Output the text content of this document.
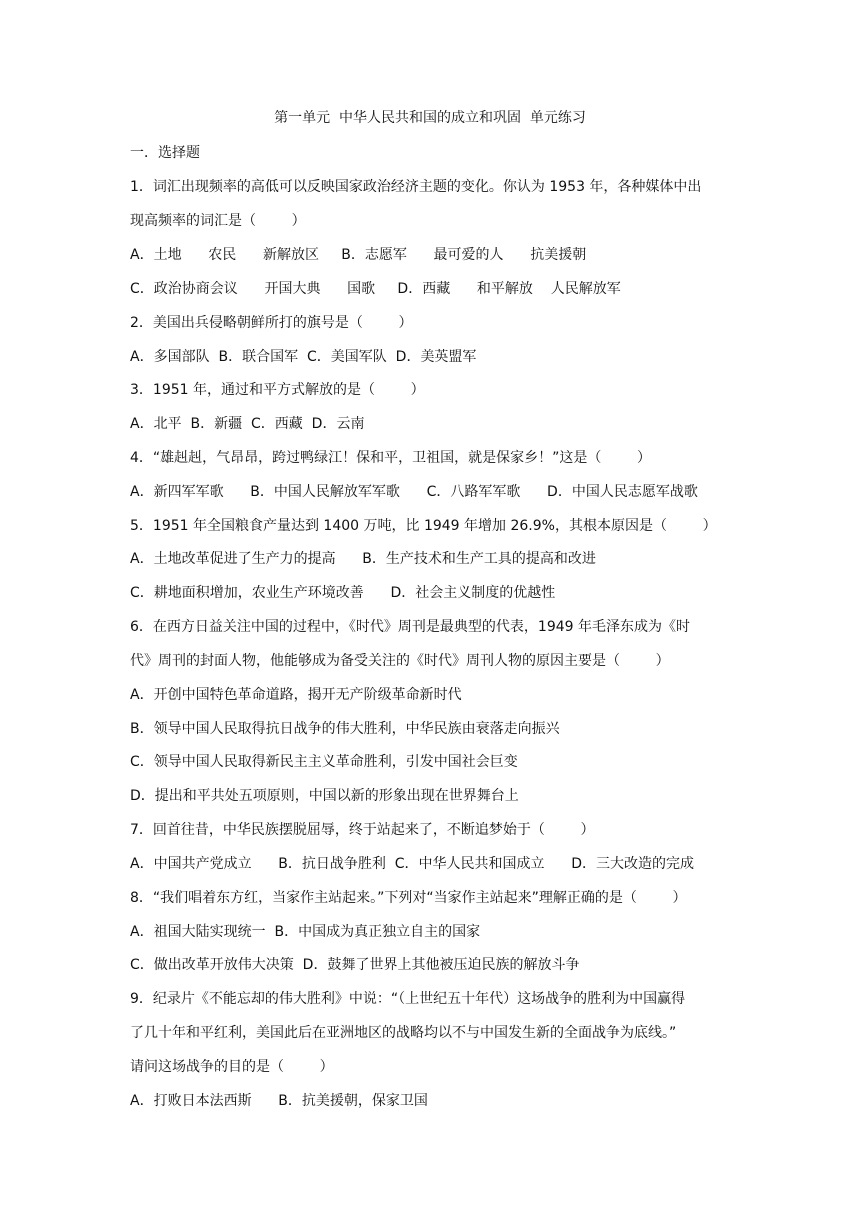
第一单元  中华人民共和国的成立和巩固  单元练习
一．选择题
1．词汇出现频率的高低可以反映国家政治经济主题的变化。你认为 1953 年，各种媒体中出
现高频率的词汇是（        ）
A．土地      农民      新解放区     B．志愿军      最可爱的人      抗美援朝
C．政治协商会议      开国大典      国歌     D．西藏      和平解放    人民解放军
2．美国出兵侵略朝鲜所打的旗号是（        ）
A．多国部队  B．联合国军  C．美国军队  D．美英盟军
3．1951 年，通过和平方式解放的是（        ）
A．北平  B．新疆  C．西藏  D．云南
4．“雄赳赳，气昂昂，跨过鸭绿江！保和平，卫祖国，就是保家乡！”这是（        ）
A．新四军军歌      B．中国人民解放军军歌      C．八路军军歌      D．中国人民志愿军战歌
5．1951 年全国粮食产量达到 1400 万吨，比 1949 年增加 26.9%，其根本原因是（        ）
A．土地改革促进了生产力的提高      B．生产技术和生产工具的提高和改进
C．耕地面积增加，农业生产环境改善      D．社会主义制度的优越性
6．在西方日益关注中国的过程中，《时代》周刊是最典型的代表，1949 年毛泽东成为《时
代》周刊的封面人物，他能够成为备受关注的《时代》周刊人物的原因主要是（        ）
A．开创中国特色革命道路，揭开无产阶级革命新时代
B．领导中国人民取得抗日战争的伟大胜利，中华民族由衰落走向振兴
C．领导中国人民取得新民主主义革命胜利，引发中国社会巨变
D．提出和平共处五项原则，中国以新的形象出现在世界舞台上
7．回首往昔，中华民族摆脱屈辱，终于站起来了，不断追梦始于（        ）
A．中国共产党成立      B．抗日战争胜利  C．中华人民共和国成立      D．三大改造的完成
8．“我们唱着东方红，当家作主站起来。”下列对“当家作主站起来”理解正确的是（        ）
A．祖国大陆实现统一  B．中国成为真正独立自主的国家
C．做出改革开放伟大决策  D．鼓舞了世界上其他被压迫民族的解放斗争
9．纪录片《不能忘却的伟大胜利》中说：“（上世纪五十年代）这场战争的胜利为中国赢得
了几十年和平红利，美国此后在亚洲地区的战略均以不与中国发生新的全面战争为底线。”
请问这场战争的目的是（        ）
A．打败日本法西斯      B．抗美援朝，保家卫国
